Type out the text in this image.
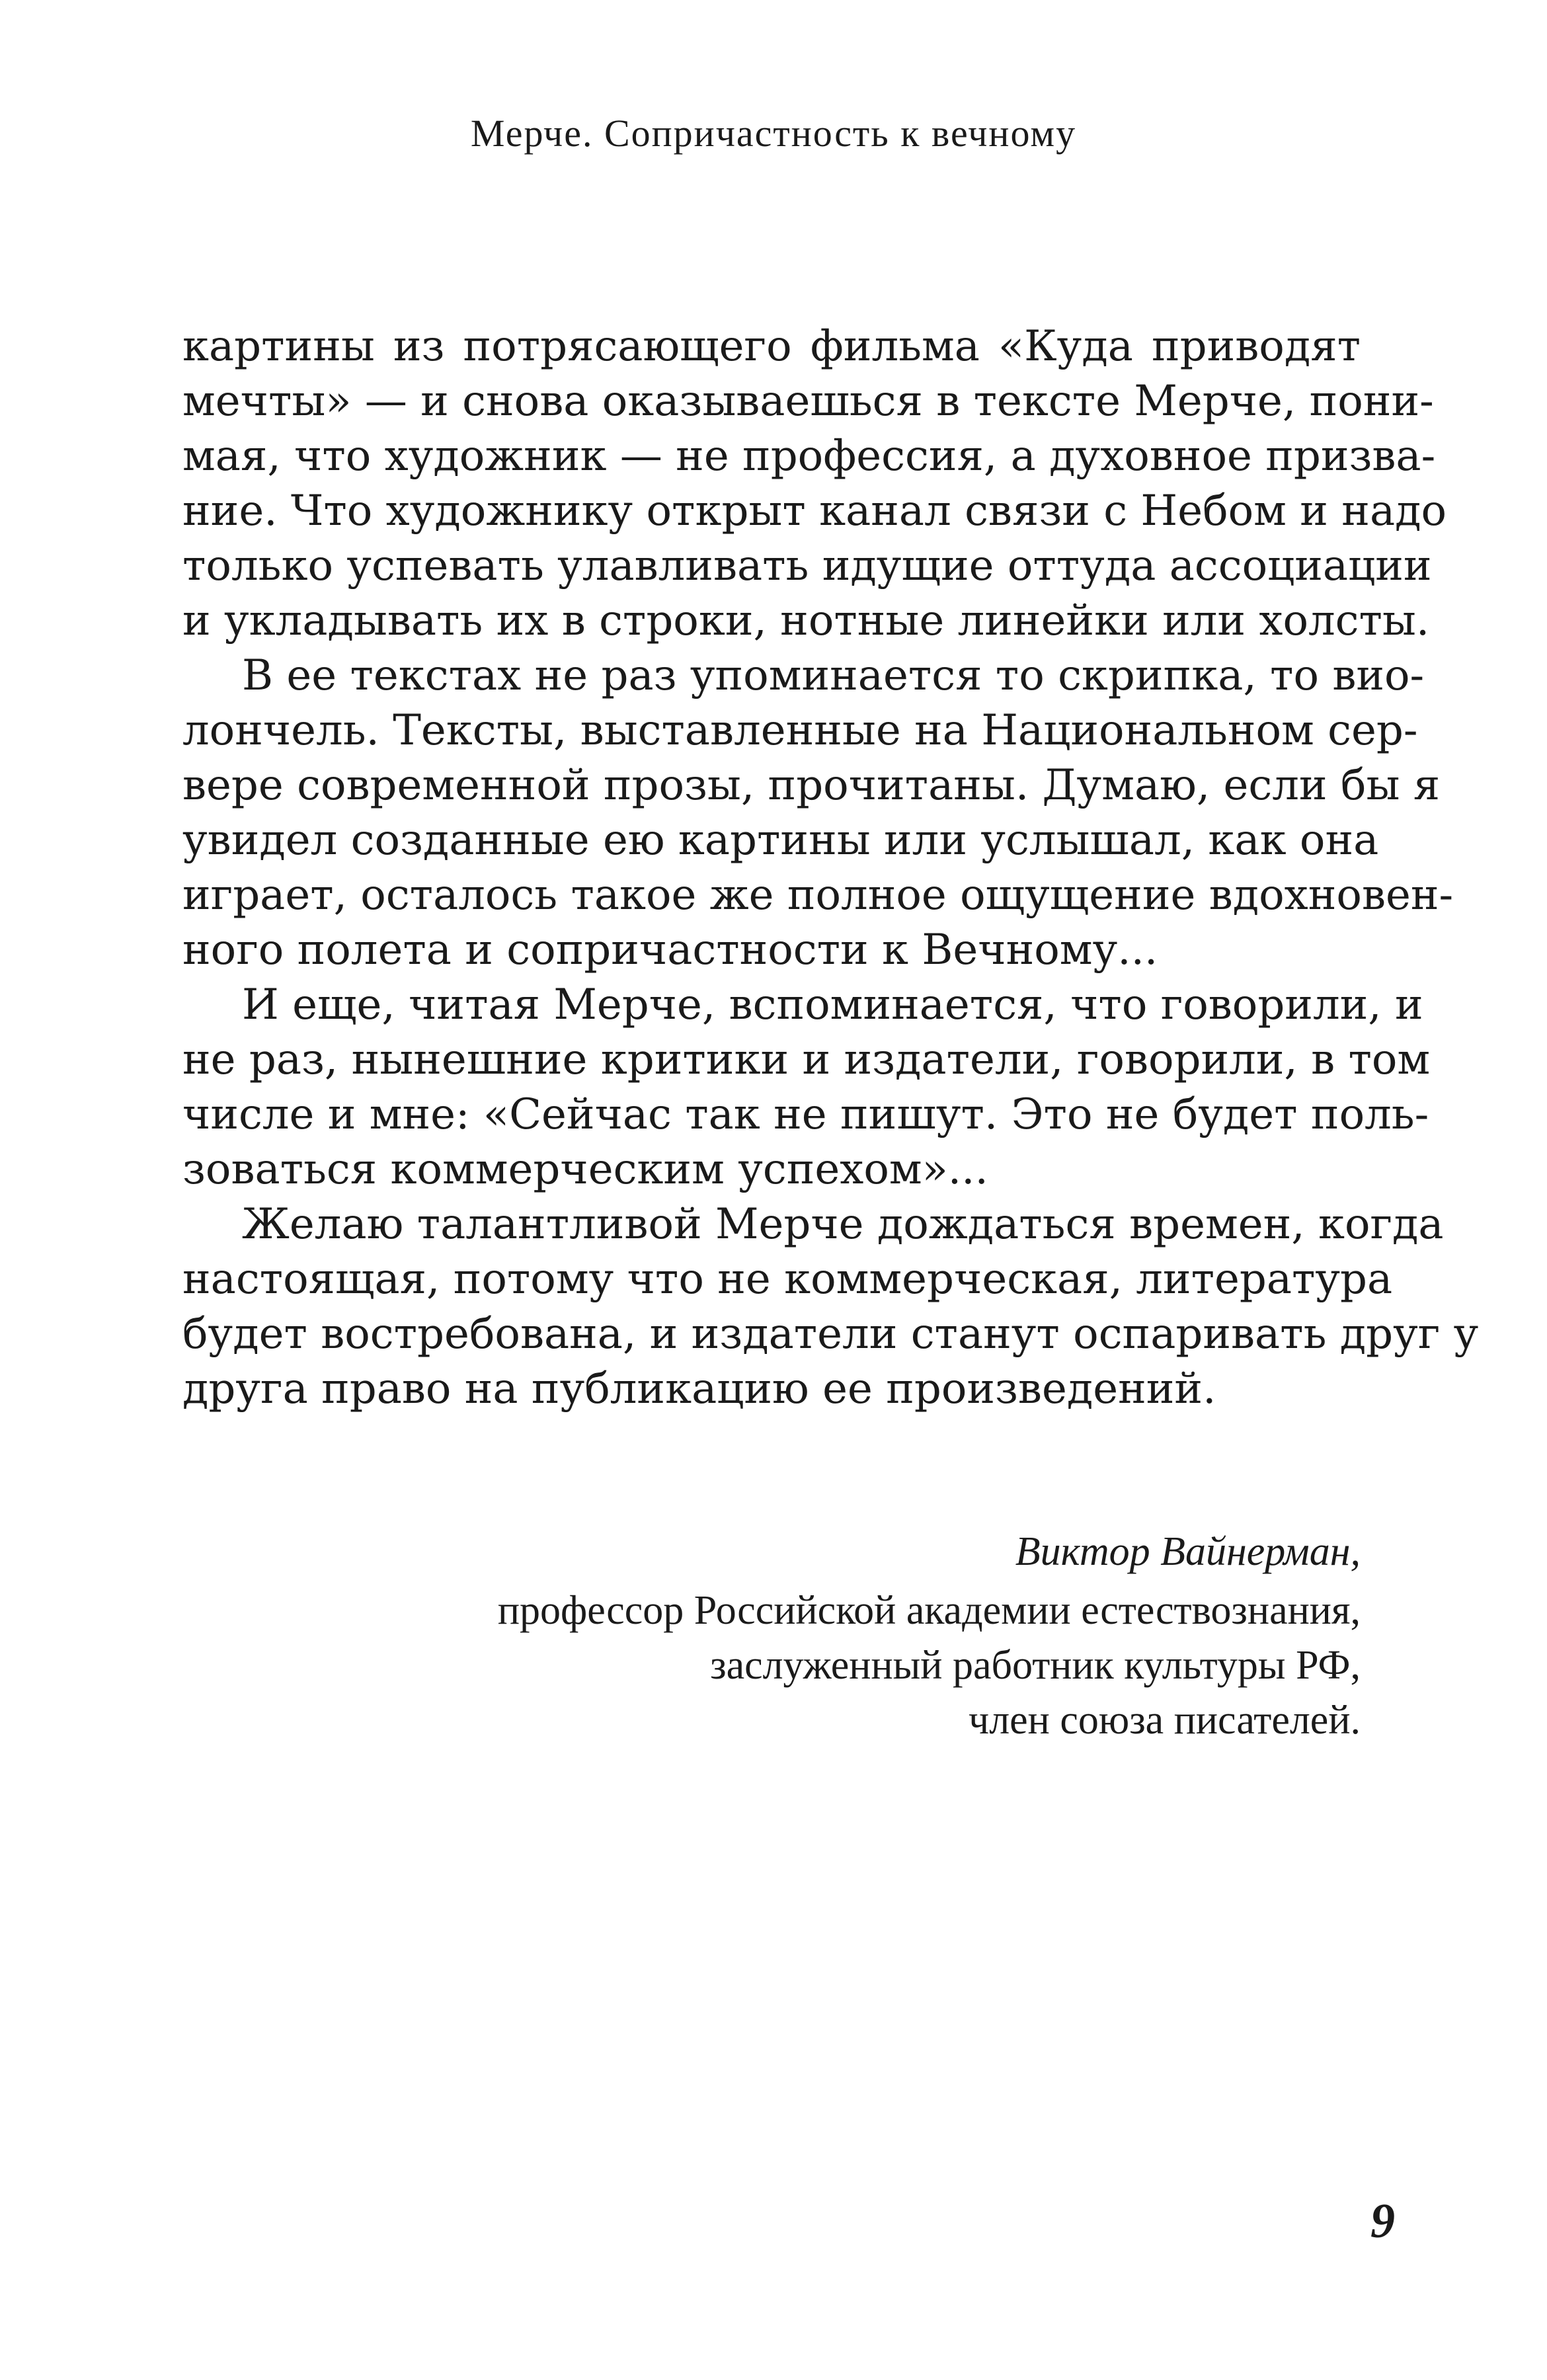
Мерче. Сопричастность к вечному
картины из потрясающего фильма «Куда приводят
мечты» — и снова оказываешься в тексте Мерче, пони-
мая, что художник — не профессия, а духовное призва-
ние. Что художнику открыт канал связи с Небом и надо
только успевать улавливать идущие оттуда ассоциации
и укладывать их в строки, нотные линейки или холсты.
В ее текстах не раз упоминается то скрипка, то вио-
лончель. Тексты, выставленные на Национальном сер-
вере современной прозы, прочитаны. Думаю, если бы я
увидел созданные ею картины или услышал, как она
играет, осталось такое же полное ощущение вдохновен-
ного полета и сопричастности к Вечному...
И еще, читая Мерче, вспоминается, что говорили, и
не раз, нынешние критики и издатели, говорили, в том
числе и мне: «Сейчас так не пишут. Это не будет поль-
зоваться коммерческим успехом»...
Желаю талантливой Мерче дождаться времен, когда
настоящая, потому что не коммерческая, литература
будет востребована, и издатели станут оспаривать друг у
друга право на публикацию ее произведений.
Виктор Вайнерман,
профессор Российской академии естествознания,
заслуженный работник культуры РФ,
член союза писателей.
9
